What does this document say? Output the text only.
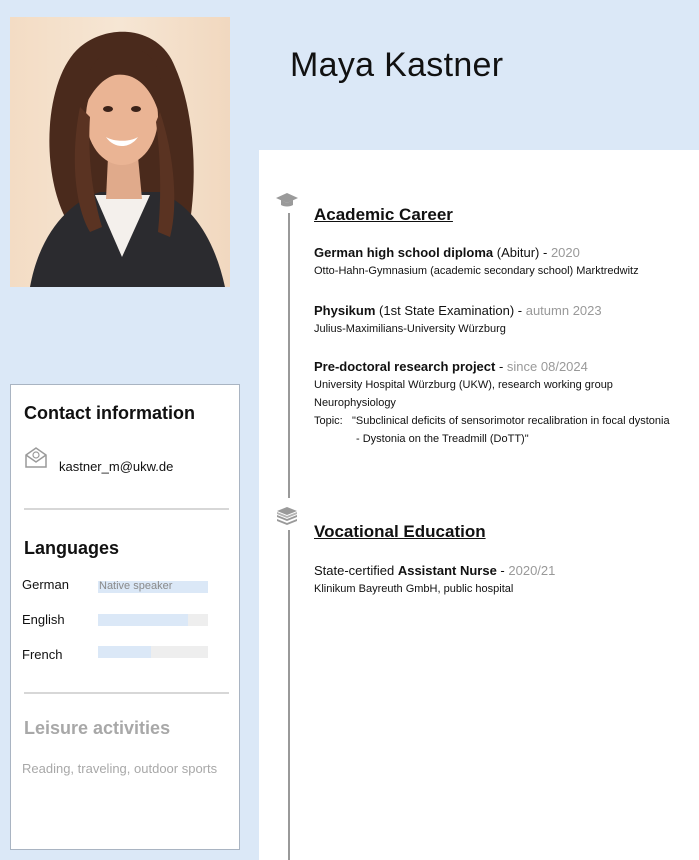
Maya Kastner
Academic Career
German high school diploma (Abitur) - 2020
Otto-Hahn-Gymnasium (academic secondary school) Marktredwitz
Physikum (1st State Examination) - autumn 2023
Julius-Maximilians-University Würzburg
Pre-doctoral research project - since 08/2024
University Hospital Würzburg (UKW), research working group
Neurophysiology
Topic: "Subclinical deficits of sensorimotor recalibration in focal dystonia
- Dystonia on the Treadmill (DoTT)"
Vocational Education
State-certified Assistant Nurse - 2020/21
Klinikum Bayreuth GmbH, public hospital
Contact information
kastner_m@ukw.de
Languages
German	Native speaker
English
French
Leisure activities
Reading, traveling, outdoor sports
